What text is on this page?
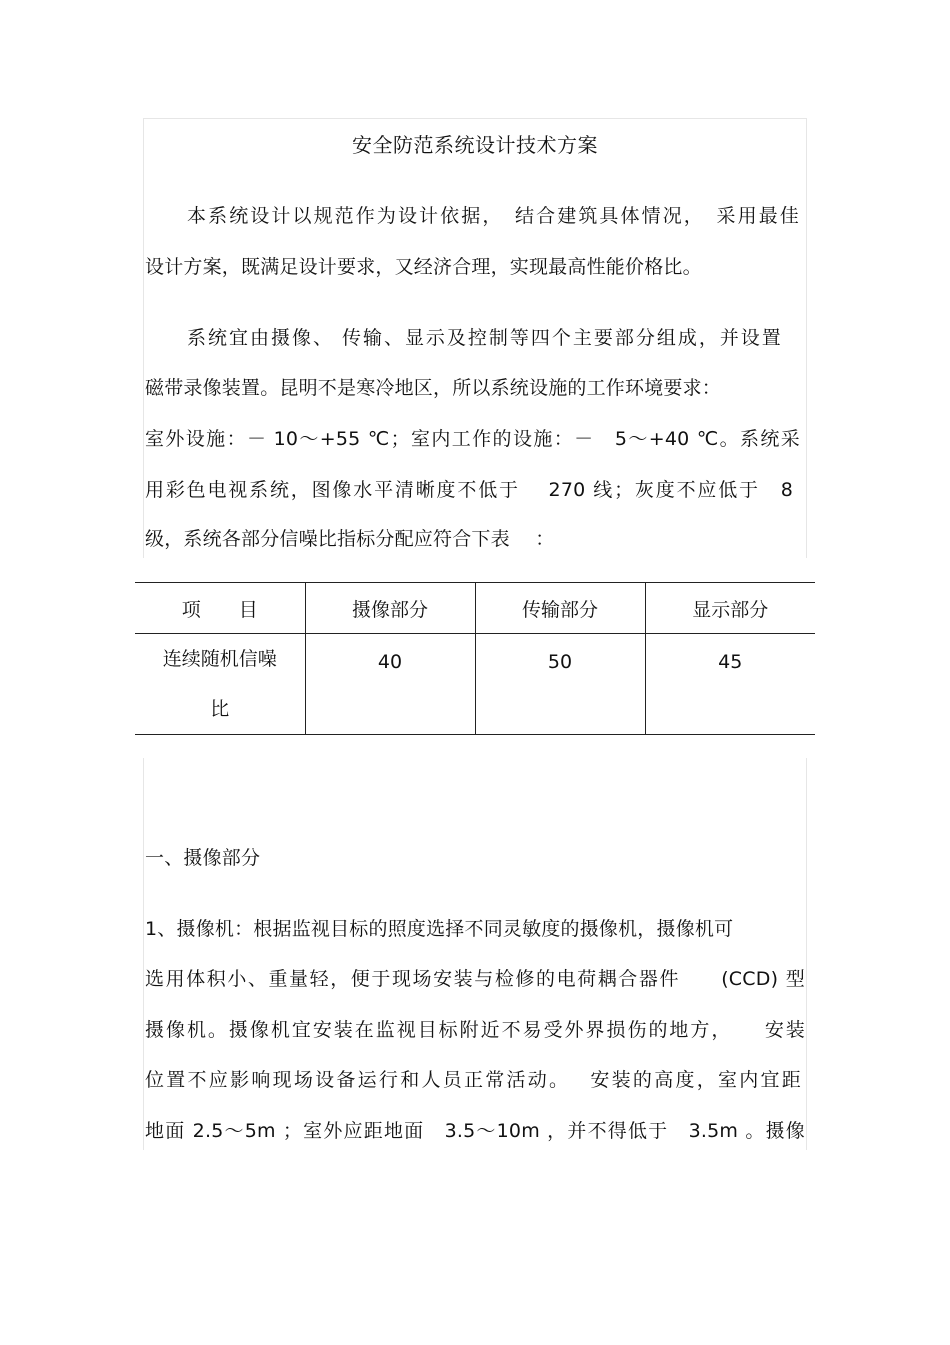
安全防范系统设计技术方案
本系统设计以规范作为设计依据，　结合建筑具体情况，　采用最佳
设计方案，既满足设计要求，又经济合理，实现最高性能价格比。
系统宜由摄像、 传输、显示及控制等四个主要部分组成，并设置
磁带录像装置。昆明不是寒冷地区，所以系统设施的工作环境要求：
室外设施：－ 10～+55 ℃；室内工作的设施：－　5～+40 ℃。系统采
用彩色电视系统，图像水平清晰度不低于　 270 线；灰度不应低于　8
级，系统各部分信噪比指标分配应符合下表　 ：
项　　目	摄像部分	传输部分	显示部分

连续随机信噪
比	40	50	45
一、摄像部分
1、摄像机：根据监视目标的照度选择不同灵敏度的摄像机，摄像机可
选用体积小、重量轻，便于现场安装与检修的电荷耦合器件　　(CCD) 型
摄像机。摄像机宜安装在监视目标附近不易受外界损伤的地方，　　安装
位置不应影响现场设备运行和人员正常活动。　 安装的高度，室内宜距
地面 2.5～5m ；室外应距地面　3.5～10m ，并不得低于　3.5m 。摄像
